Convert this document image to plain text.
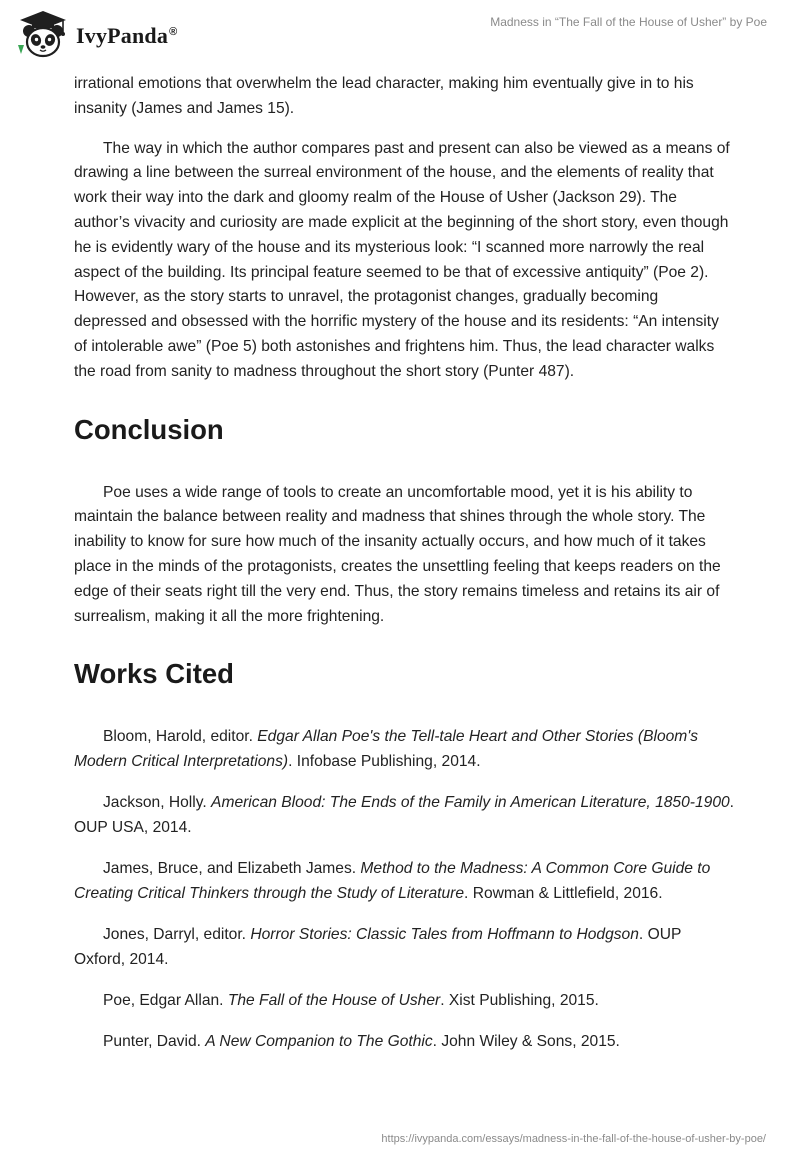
IvyPanda®
Madness in “The Fall of the House of Usher” by Poe

irrational emotions that overwhelm the lead character, making him eventually give in to his insanity (James and James 15).

The way in which the author compares past and present can also be viewed as a means of drawing a line between the surreal environment of the house, and the elements of reality that work their way into the dark and gloomy realm of the House of Usher (Jackson 29). The author’s vivacity and curiosity are made explicit at the beginning of the short story, even though he is evidently wary of the house and its mysterious look: “I scanned more narrowly the real aspect of the building. Its principal feature seemed to be that of excessive antiquity” (Poe 2). However, as the story starts to unravel, the protagonist changes, gradually becoming depressed and obsessed with the horrific mystery of the house and its residents: “An intensity of intolerable awe” (Poe 5) both astonishes and frightens him. Thus, the lead character walks the road from sanity to madness throughout the short story (Punter 487).

Conclusion

Poe uses a wide range of tools to create an uncomfortable mood, yet it is his ability to maintain the balance between reality and madness that shines through the whole story. The inability to know for sure how much of the insanity actually occurs, and how much of it takes place in the minds of the protagonists, creates the unsettling feeling that keeps readers on the edge of their seats right till the very end. Thus, the story remains timeless and retains its air of surrealism, making it all the more frightening.

Works Cited

Bloom, Harold, editor. Edgar Allan Poe's the Tell-tale Heart and Other Stories (Bloom's Modern Critical Interpretations). Infobase Publishing, 2014.

Jackson, Holly. American Blood: The Ends of the Family in American Literature, 1850-1900. OUP USA, 2014.

James, Bruce, and Elizabeth James. Method to the Madness: A Common Core Guide to Creating Critical Thinkers through the Study of Literature. Rowman & Littlefield, 2016.

Jones, Darryl, editor. Horror Stories: Classic Tales from Hoffmann to Hodgson. OUP Oxford, 2014.

Poe, Edgar Allan. The Fall of the House of Usher. Xist Publishing, 2015.

Punter, David. A New Companion to The Gothic. John Wiley & Sons, 2015.

https://ivypanda.com/essays/madness-in-the-fall-of-the-house-of-usher-by-poe/
